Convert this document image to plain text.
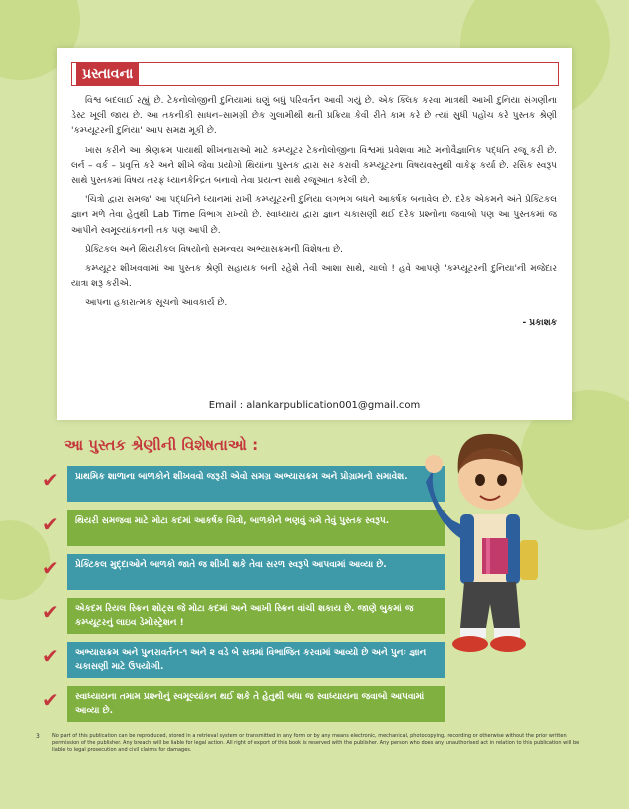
પ્રસ્તાવના

વિશ્વ બદલાઈ રહ્યું છે. ટેકનોલોજીની દુનિયામાં ઘણું બધું પરિવર્તન આવી ગયું છે. એક ક્લિક કરવા માત્રથી આખી દુનિયા સંગણીના ડેસ્ટ ખૂલી જાય છે. આ તકનીકી સાધન–સામગ્રી છેક ગુલામીથી થતી પ્રક્રિયા કેવી રીતે કામ કરે છે ત્યાં સુધી પહોંચ કરે પુસ્તક શ્રેણી 'કમ્પ્યૂટરની દુનિયા' આપ સમક્ષ મૂકી છે.

ખાસ કરીને આ શ્રેણક્રમ પાયાથી શીખનારાઓ માટે કમ્પ્યૂટર ટેકનોલોજીના વિશ્વમાં પ્રવેશવા માટે મનોવૈજ્ઞાનિક પદ્ધતિ રજૂ કરી છે. લર્ન – વર્ક – પ્રવૃત્તિ કરે અને શીખે જેવા પ્રયોગો થિયાંના પુસ્તક દ્વારા સર કરાવી કમ્પ્યૂટરના વિષયવસ્તુથી વાકેફ કર્યા છે. રસિક સ્વરૂપ સાથે પુસ્તકમાં વિષય તરફ ધ્યાનકેન્દ્રિત બનાવો તેવા પ્રયત્ન સાથે રજૂઆત કરેલી છે.

'ચિત્રો દ્વારા સમજ' આ પદ્ધતિને ધ્યાનમાં રાખી કમ્પ્યૂટરની દુનિયા લગભગ બધને આકર્ષક બનાવેલ છે. દરેક એકમને અંતે પ્રેક્ટિકલ જ્ઞાન મળે તેવા હેતુથી Lab Time વિભાગ રાખ્યો છે. સ્વાધ્યાય દ્વારા જ્ઞાન ચકાસણી થઈ દરેક પ્રશ્નોના જવાબો પણ આ પુસ્તકમાં જ આપીને સ્વમૂલ્યાંકનની તક પણ આપી છે.

પ્રેક્ટિકલ અને થિયરીકલ વિષયોનો સમન્વય અભ્યાસક્રમની વિશેષતા છે.

કમ્પ્યૂટર શીખવવામાં આ પુસ્તક શ્રેણી સહાયક બની રહેશે તેવી આશા સાથે, ચાલો ! હવે આપણે 'કમ્પ્યૂટરની દુનિયા'ની મજેદાર યાત્રા શરૂ કરીએ.

આપના હકારાત્મક સૂચનો આવકાર્ય છે.

- પ્રકાશક

Email : alankarpublication001@gmail.com
આ પુસ્તક શ્રેણીની વિશેષતાઓ :
✔	પ્રાથમિક શાળાના બાળકોને શીખવવો જરૂરી એવો સમગ્ર અભ્યાસક્રમ અને પ્રોગ્રામનો સમાવેશ.
✔	થિયરી સમજવા માટે મોટા કદમાં આકર્ષક ચિત્રો, બાળકોને ભણવું ગમે તેવું પુસ્તક સ્વરૂપ.
✔	પ્રેક્ટિકલ મુદ્દાઓને બાળકો જાતે જ શીખી શકે તેવા સરળ સ્વરૂપે આપવામાં આવ્યા છે.
✔	એકદમ રિયલ સ્ક્રિન શોટ્સ જે મોટા કદમાં અને આખી સ્ક્રિન વાંચી શકાય છે. જાણે બુકમાં જ કમ્પ્યૂટરનું લાઇવ ડેમોસ્ટ્રેશન !
✔	અભ્યાસક્રમ અને પુનરાવર્તન-૧ અને ૨ વડે બે સત્રમાં વિભાજિત કરવામાં આવ્યો છે અને પુનઃ જ્ઞાન ચકાસણી માટે ઉપયોગી.
✔	સ્વાધ્યાયના તમામ પ્રશ્નોનું સ્વમૂલ્યાંકન થઈ શકે તે હેતુથી બધા જ સ્વાધ્યાયના જવાબો આપવામાં આવ્યા છે.
3 No part of this publication can be reproduced, stored in a retrieval system or transmitted in any form or by any means electronic, mechanical, photocopying, recording or otherwise without the prior written permission of the publisher. Any breach will be liable for legal action. All right of export of this book is reserved with the publisher. Any person who does any unauthorised act in relation to this publication will be liable to legal prosecution and civil claims for damages.
